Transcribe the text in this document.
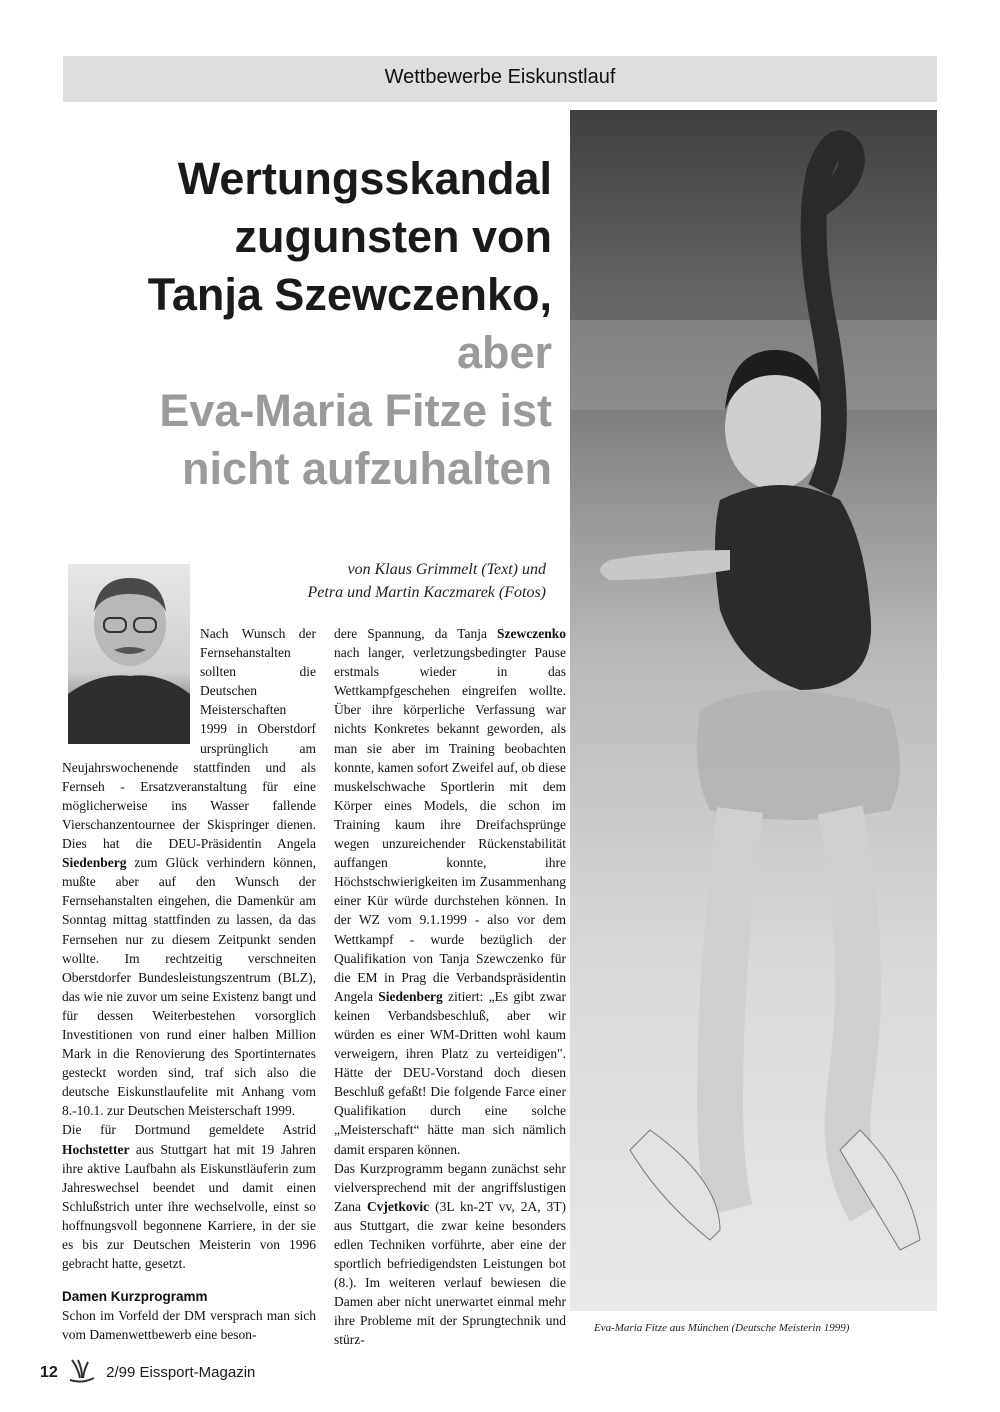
Wettbewerbe Eiskunstlauf
Wertungsskandal
zugunsten von
Tanja Szewczenko,
aber
Eva-Maria Fitze ist
nicht aufzuhalten
von Klaus Grimmelt (Text) und
Petra und Martin Kaczmarek (Fotos)

Nach Wunsch der Fernsehanstalten sollten die Deutschen Meisterschaften 1999 in Oberstdorf ursprünglich am Neujahrswochenende stattfinden und als Fernseh - Ersatzveranstaltung für eine möglicherweise ins Wasser fallende Vierschanzentournee der Skispringer dienen. Dies hat die DEU-Präsidentin Angela Siedenberg zum Glück verhindern können, mußte aber auf den Wunsch der Fernsehanstalten eingehen, die Damenkür am Sonntag mittag stattfinden zu lassen, da das Fernsehen nur zu diesem Zeitpunkt senden wollte. Im rechtzeitig verschneiten Oberstdorfer Bundesleistungszentrum (BLZ), das wie nie zuvor um seine Existenz bangt und für dessen Weiterbestehen vorsorglich Investitionen von rund einer halben Million Mark in die Renovierung des Sportinternates gesteckt worden sind, traf sich also die deutsche Eiskunstlaufelite mit Anhang vom 8.-10.1. zur Deutschen Meisterschaft 1999.

Die für Dortmund gemeldete Astrid Hochstetter aus Stuttgart hat mit 19 Jahren ihre aktive Laufbahn als Eiskunstläuferin zum Jahreswechsel beendet und damit einen Schlußstrich unter ihre wechselvolle, einst so hoffnungsvoll begonnene Karriere, in der sie es bis zur Deutschen Meisterin von 1996 gebracht hatte, gesetzt.

Damen Kurzprogramm

Schon im Vorfeld der DM versprach man sich vom Damenwettbewerb eine beson-

dere Spannung, da Tanja Szewczenko nach langer, verletzungsbedingter Pause erstmals wieder in das Wettkampfgeschehen eingreifen wollte. Über ihre körperliche Verfassung war nichts Konkretes bekannt geworden, als man sie aber im Training beobachten konnte, kamen sofort Zweifel auf, ob diese muskelschwache Sportlerin mit dem Körper eines Models, die schon im Training kaum ihre Dreifachsprünge wegen unzureichender Rückenstabilität auffangen konnte, ihre Höchstschwierigkeiten im Zusammenhang einer Kür würde durchstehen können. In der WZ vom 9.1.1999 - also vor dem Wettkampf - wurde bezüglich der Qualifikation von Tanja Szewczenko für die EM in Prag die Verbandspräsidentin Angela Siedenberg zitiert: „Es gibt zwar keinen Verbandsbeschluß, aber wir würden es einer WM-Dritten wohl kaum verweigern, ihren Platz zu verteidigen". Hätte der DEU-Vorstand doch diesen Beschluß gefaßt! Die folgende Farce einer Qualifikation durch eine solche „Meisterschaft“ hätte man sich nämlich damit ersparen können.

Das Kurzprogramm begann zunächst sehr vielversprechend mit der angriffslustigen Zana Cvjetkovic (3L kn-2T vv, 2A, 3T) aus Stuttgart, die zwar keine besonders edlen Techniken vorführte, aber eine der sportlich befriedigendsten Leistungen bot (8.). Im weiteren verlauf bewiesen die Damen aber nicht unerwartet einmal mehr ihre Probleme mit der Sprungtechnik und stürz-

Eva-Maria Fitze aus München (Deutsche Meisterin 1999)
12	2/99 Eissport-Magazin
